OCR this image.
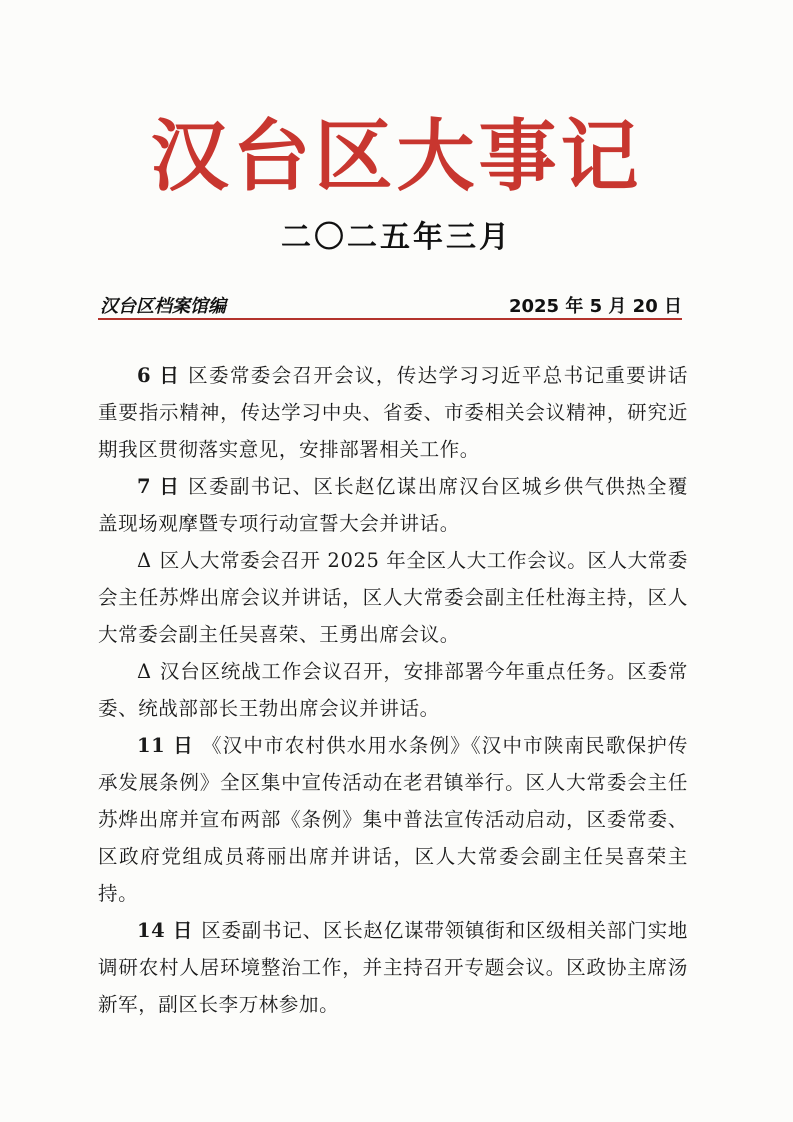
汉台区大事记
二〇二五年三月
汉台区档案馆编	2025 年 5 月 20 日

6 日 区委常委会召开会议，传达学习习近平总书记重要讲话重要指示精神，传达学习中央、省委、市委相关会议精神，研究近期我区贯彻落实意见，安排部署相关工作。

7 日 区委副书记、区长赵亿谋出席汉台区城乡供气供热全覆盖现场观摩暨专项行动宣誓大会并讲话。

Δ 区人大常委会召开 2025 年全区人大工作会议。区人大常委会主任苏烨出席会议并讲话，区人大常委会副主任杜海主持，区人大常委会副主任吴喜荣、王勇出席会议。

Δ 汉台区统战工作会议召开，安排部署今年重点任务。区委常委、统战部部长王勃出席会议并讲话。

11 日 《汉中市农村供水用水条例》《汉中市陕南民歌保护传承发展条例》全区集中宣传活动在老君镇举行。区人大常委会主任苏烨出席并宣布两部《条例》集中普法宣传活动启动，区委常委、区政府党组成员蒋丽出席并讲话，区人大常委会副主任吴喜荣主持。

14 日 区委副书记、区长赵亿谋带领镇街和区级相关部门实地调研农村人居环境整治工作，并主持召开专题会议。区政协主席汤新军，副区长李万林参加。
